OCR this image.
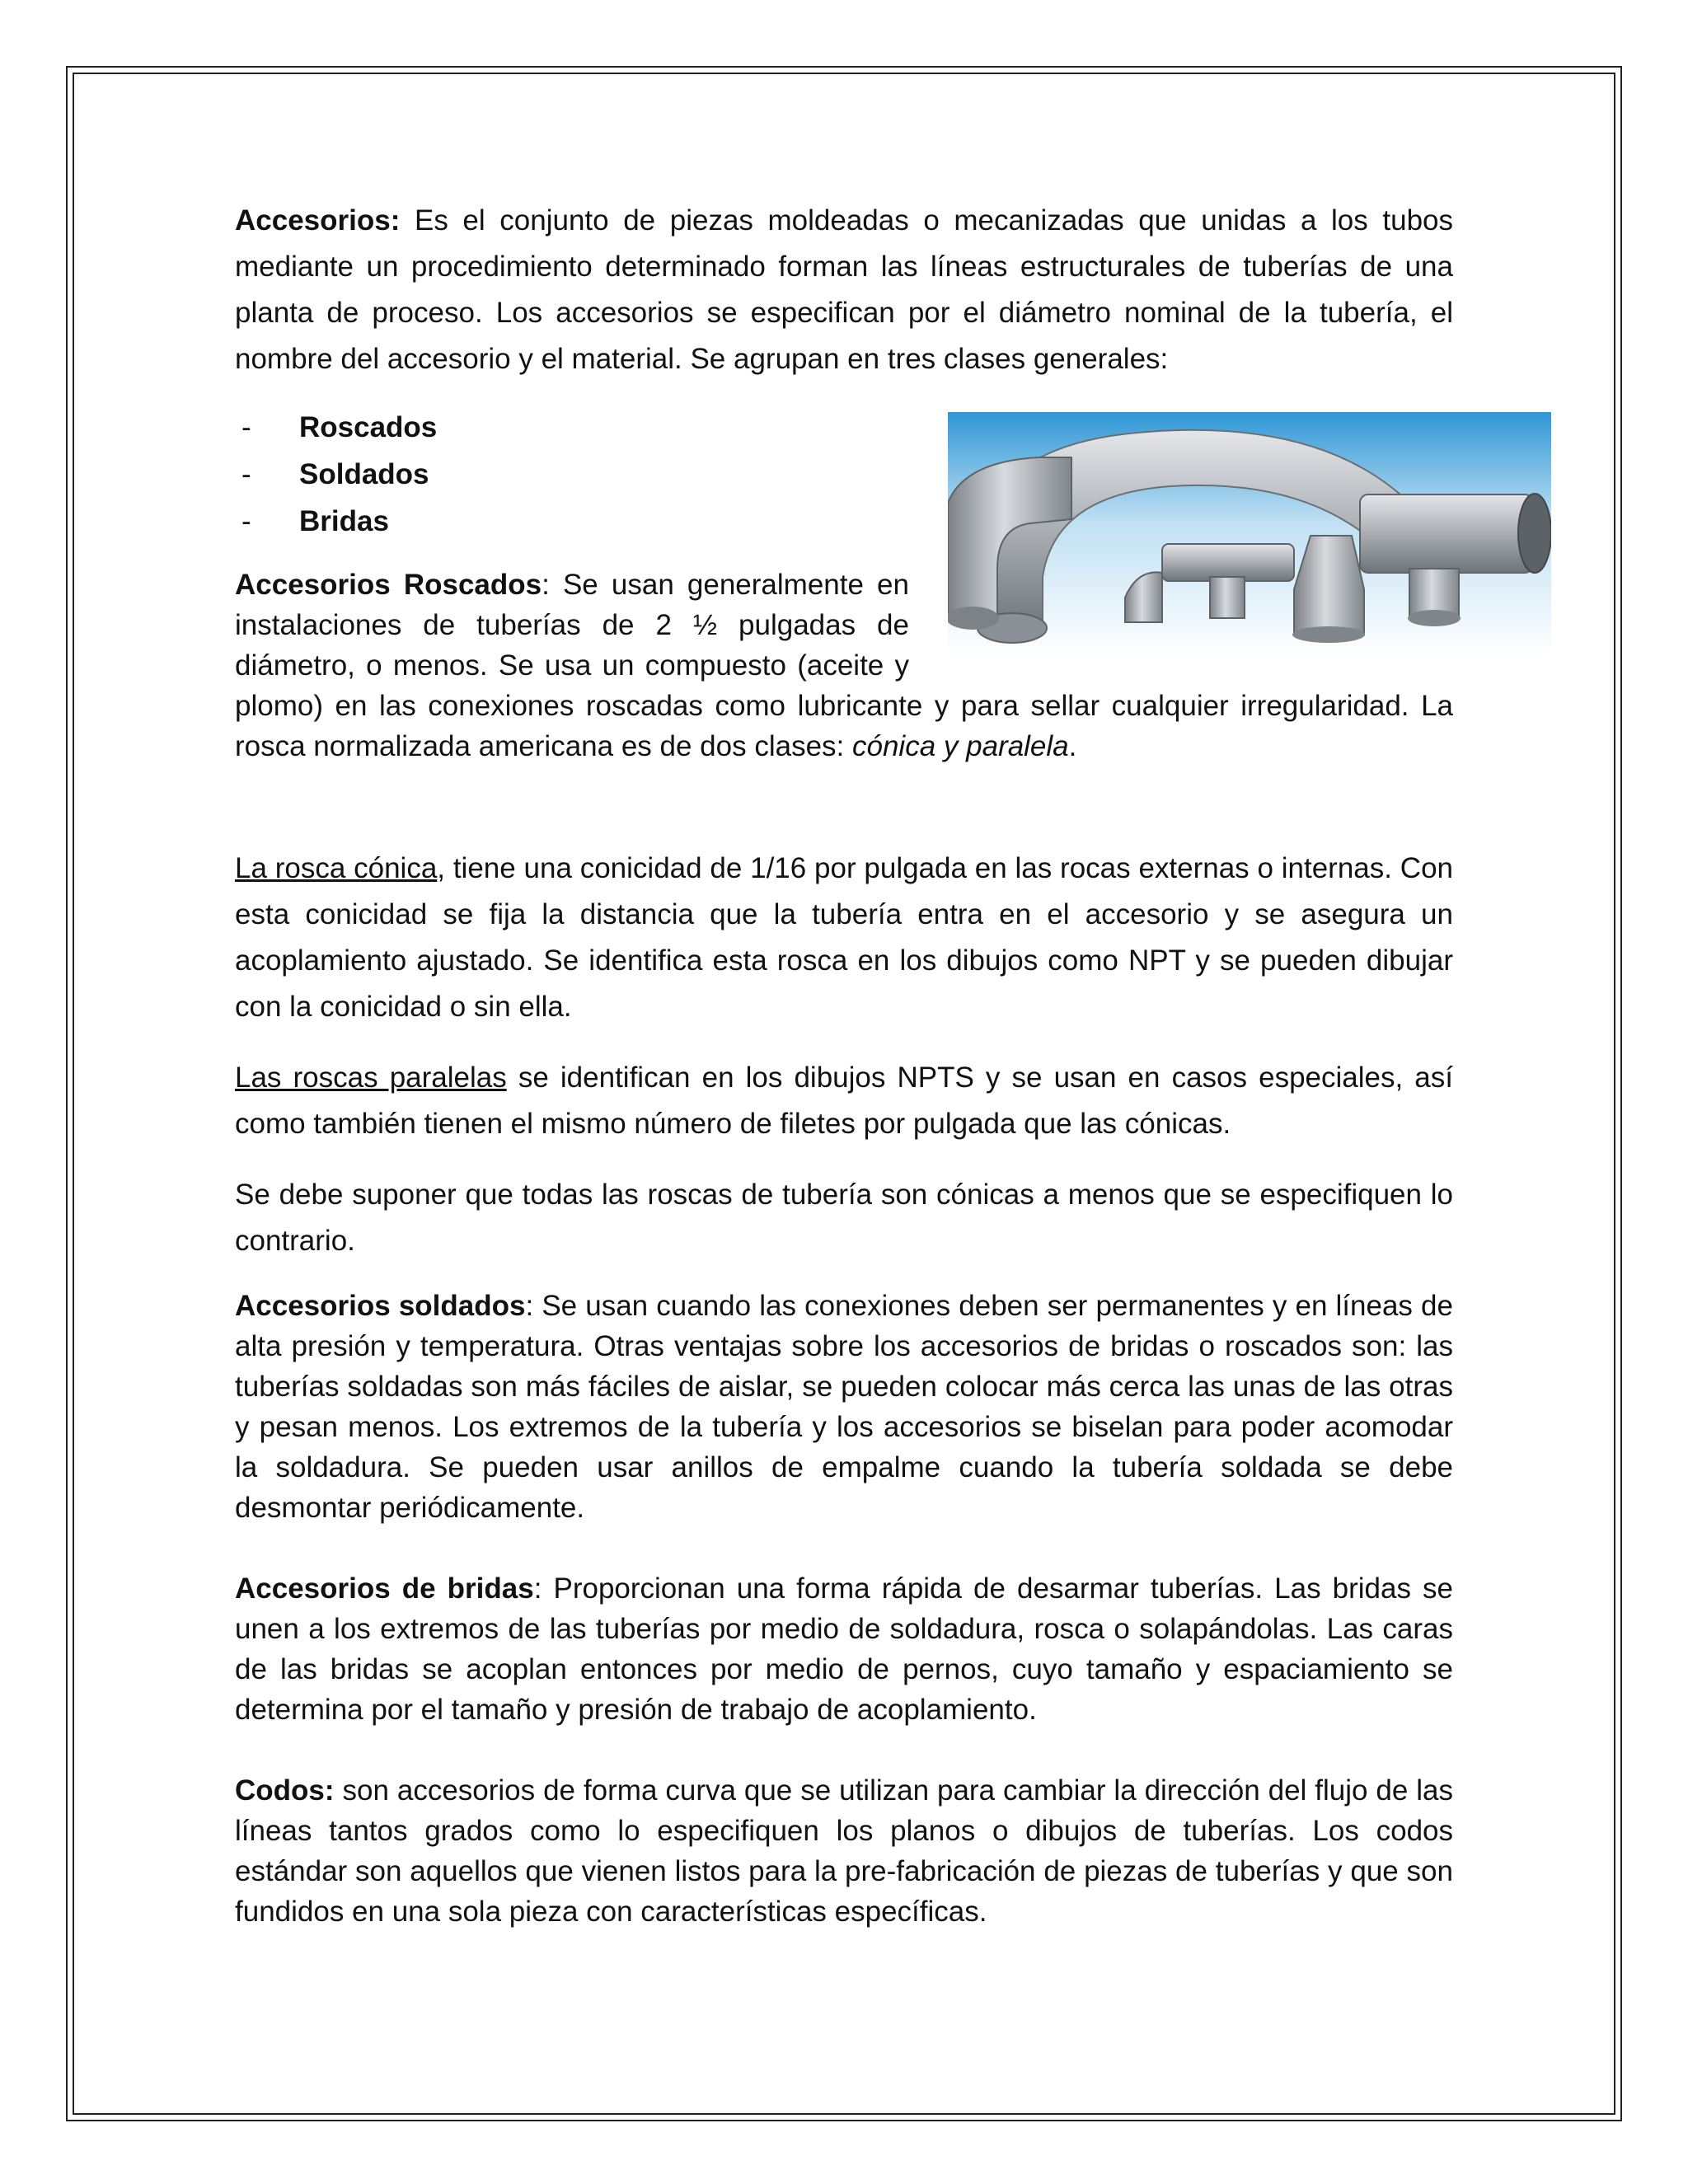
Accesorios: Es el conjunto de piezas moldeadas o mecanizadas que unidas a los tubos mediante un procedimiento determinado forman las líneas estructurales de tuberías de una planta de proceso. Los accesorios se especifican por el diámetro nominal de la tubería, el nombre del accesorio y el material. Se agrupan en tres clases generales:

-	Roscados
-	Soldados
-	Bridas

Accesorios Roscados: Se usan generalmente en instalaciones de tuberías de 2 ½ pulgadas de diámetro, o menos. Se usa un compuesto (aceite y plomo) en las conexiones roscadas como lubricante y para sellar cualquier irregularidad. La rosca normalizada americana es de dos clases: cónica y paralela.

La rosca cónica, tiene una conicidad de 1/16 por pulgada en las rocas externas o internas. Con esta conicidad se fija la distancia que la tubería entra en el accesorio y se asegura un acoplamiento ajustado. Se identifica esta rosca en los dibujos como NPT y se pueden dibujar con la conicidad o sin ella.

Las roscas paralelas se identifican en los dibujos NPTS y se usan en casos especiales, así como también tienen el mismo número de filetes por pulgada que las cónicas.

Se debe suponer que todas las roscas de tubería son cónicas a menos que se especifiquen lo contrario.

Accesorios soldados: Se usan cuando las conexiones deben ser permanentes y en líneas de alta presión y temperatura. Otras ventajas sobre los accesorios de bridas o roscados son: las tuberías soldadas son más fáciles de aislar, se pueden colocar más cerca las unas de las otras y pesan menos. Los extremos de la tubería y los accesorios se biselan para poder acomodar la soldadura. Se pueden usar anillos de empalme cuando la tubería soldada se debe desmontar periódicamente.

Accesorios de bridas: Proporcionan una forma rápida de desarmar tuberías. Las bridas se unen a los extremos de las tuberías por medio de soldadura, rosca o solapándolas. Las caras de las bridas se acoplan entonces por medio de pernos, cuyo tamaño y espaciamiento se determina por el tamaño y presión de trabajo de acoplamiento.

Codos: son accesorios de forma curva que se utilizan para cambiar la dirección del flujo de las líneas tantos grados como lo especifiquen los planos o dibujos de tuberías. Los codos estándar son aquellos que vienen listos para la pre-fabricación de piezas de tuberías y que son fundidos en una sola pieza con características específicas.
